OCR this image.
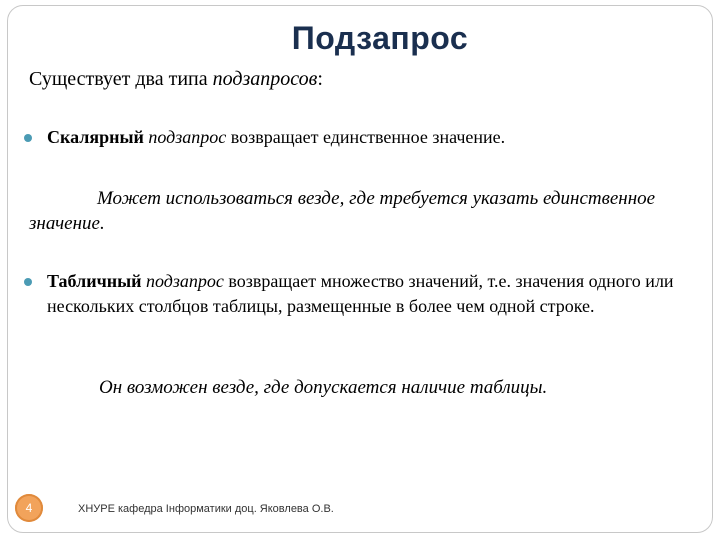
Подзапрос
Существует два типа подзапросов:
Скалярный подзапрос возвращает единственное значение.
Может использоваться везде, где требуется указать единственное значение.
Табличный подзапрос возвращает множество значений, т.е. значения одного или нескольких столбцов таблицы, размещенные в более чем одной строке.
Он возможен везде, где допускается наличие таблицы.
4	ХНУРЕ кафедра Інформатики доц. Яковлева О.В.
